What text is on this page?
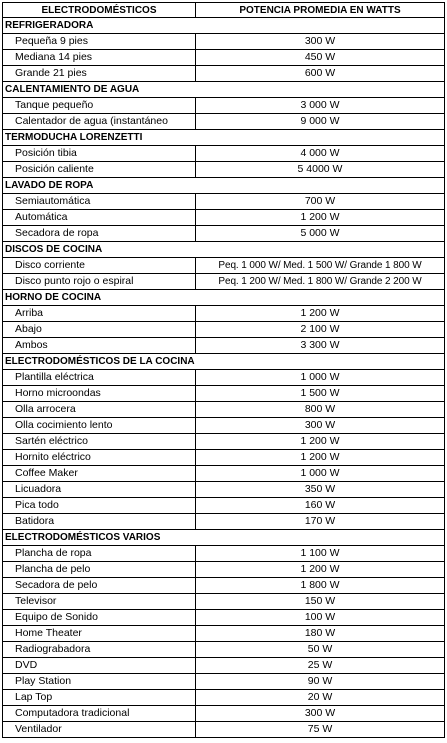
ELECTRODOMÉSTICOS	POTENCIA PROMEDIA EN WATTS
REFRIGERADORA
Pequeña 9 pies	300 W
Mediana 14 pies	450 W
Grande 21 pies	600 W
CALENTAMIENTO DE AGUA
Tanque pequeño	3 000 W
Calentador de agua (instantáneo	9 000 W
TERMODUCHA LORENZETTI
Posición tibia	4 000 W
Posición caliente	5 4000 W
LAVADO DE ROPA
Semiautomática	700 W
Automática	1 200 W
Secadora de ropa	5 000 W
DISCOS DE COCINA
Disco corriente	Peq. 1 000 W/ Med. 1 500 W/ Grande 1 800 W
Disco punto rojo o espiral	Peq. 1 200 W/ Med. 1 800 W/ Grande 2 200 W
HORNO DE COCINA
Arriba	1 200 W
Abajo	2 100 W
Ambos	3 300 W
ELECTRODOMÉSTICOS DE LA COCINA
Plantilla eléctrica	1 000 W
Horno microondas	1 500 W
Olla arrocera	800 W
Olla cocimiento lento	300 W
Sartén eléctrico	1 200 W
Hornito eléctrico	1 200 W
Coffee Maker	1 000 W
Licuadora	350 W
Pica todo	160 W
Batidora	170 W
ELECTRODOMÉSTICOS VARIOS
Plancha de ropa	1 100 W
Plancha de pelo	1 200 W
Secadora de pelo	1 800 W
Televisor	150 W
Equipo de Sonido	100 W
Home Theater	180 W
Radiograbadora	50 W
DVD	25 W
Play Station	90 W
Lap Top	20 W
Computadora tradicional	300 W
Ventilador	75 W
